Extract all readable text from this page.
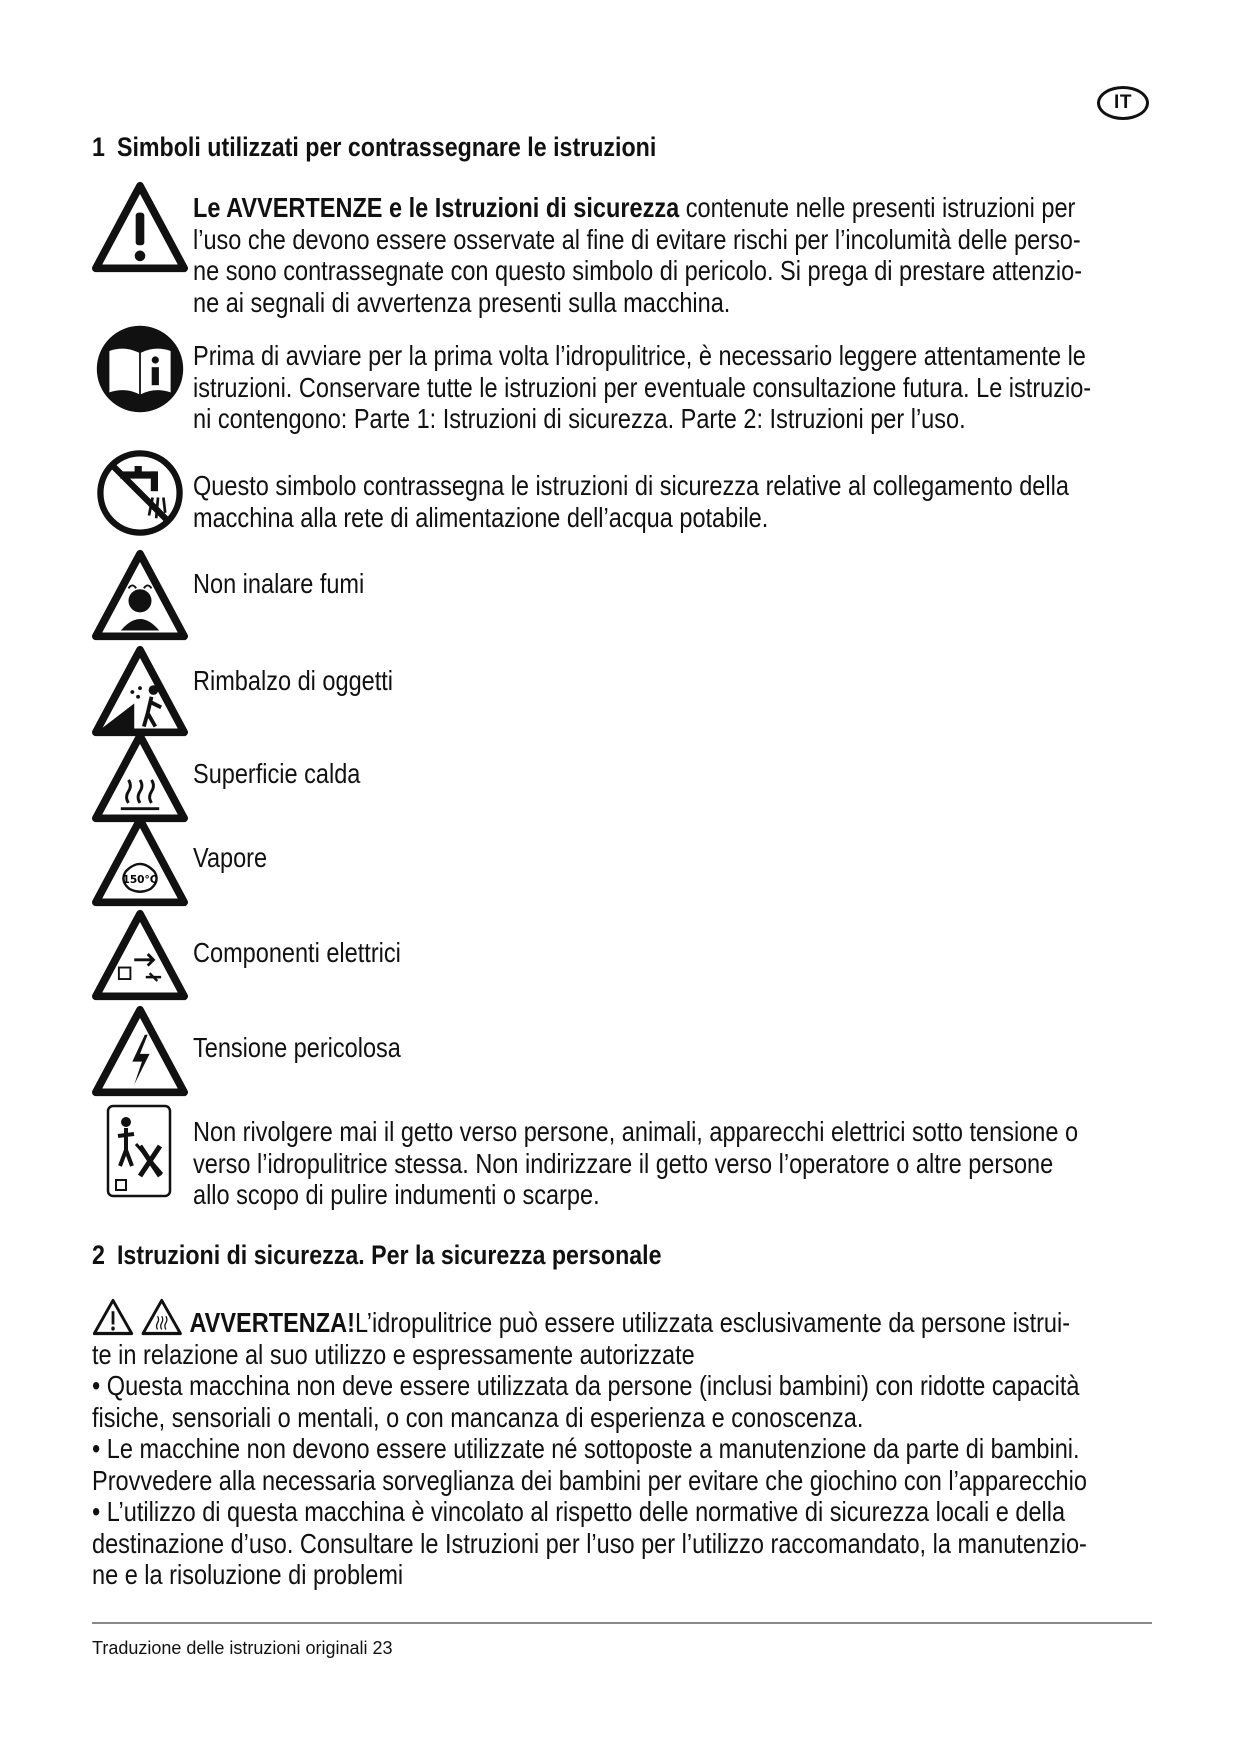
IT
1 Simboli utilizzati per contrassegnare le istruzioni
Le AVVERTENZE e le Istruzioni di sicurezza contenute nelle presenti istruzioni per
l’uso che devono essere osservate al fine di evitare rischi per l’incolumità delle perso-
ne sono contrassegnate con questo simbolo di pericolo. Si prega di prestare attenzio-
ne ai segnali di avvertenza presenti sulla macchina.
Prima di avviare per la prima volta l’idropulitrice, è necessario leggere attentamente le
istruzioni. Conservare tutte le istruzioni per eventuale consultazione futura. Le istruzio-
ni contengono: Parte 1: Istruzioni di sicurezza. Parte 2: Istruzioni per l’uso.
Questo simbolo contrassegna le istruzioni di sicurezza relative al collegamento della
macchina alla rete di alimentazione dell’acqua potabile.
Non inalare fumi
Rimbalzo di oggetti
Superficie calda
150°C
Vapore
Componenti elettrici
Tensione pericolosa
Non rivolgere mai il getto verso persone, animali, apparecchi elettrici sotto tensione o
verso l’idropulitrice stessa. Non indirizzare il getto verso l’operatore o altre persone
allo scopo di pulire indumenti o scarpe.
2 Istruzioni di sicurezza. Per la sicurezza personale
AVVERTENZA!L’idropulitrice può essere utilizzata esclusivamente da persone istrui-
te in relazione al suo utilizzo e espressamente autorizzate
• Questa macchina non deve essere utilizzata da persone (inclusi bambini) con ridotte capacità
fisiche, sensoriali o mentali, o con mancanza di esperienza e conoscenza.
• Le macchine non devono essere utilizzate né sottoposte a manutenzione da parte di bambini.
Provvedere alla necessaria sorveglianza dei bambini per evitare che giochino con l’apparecchio
• L’utilizzo di questa macchina è vincolato al rispetto delle normative di sicurezza locali e della
destinazione d’uso. Consultare le Istruzioni per l’uso per l’utilizzo raccomandato, la manutenzio-
ne e la risoluzione di problemi
Traduzione delle istruzioni originali 23
